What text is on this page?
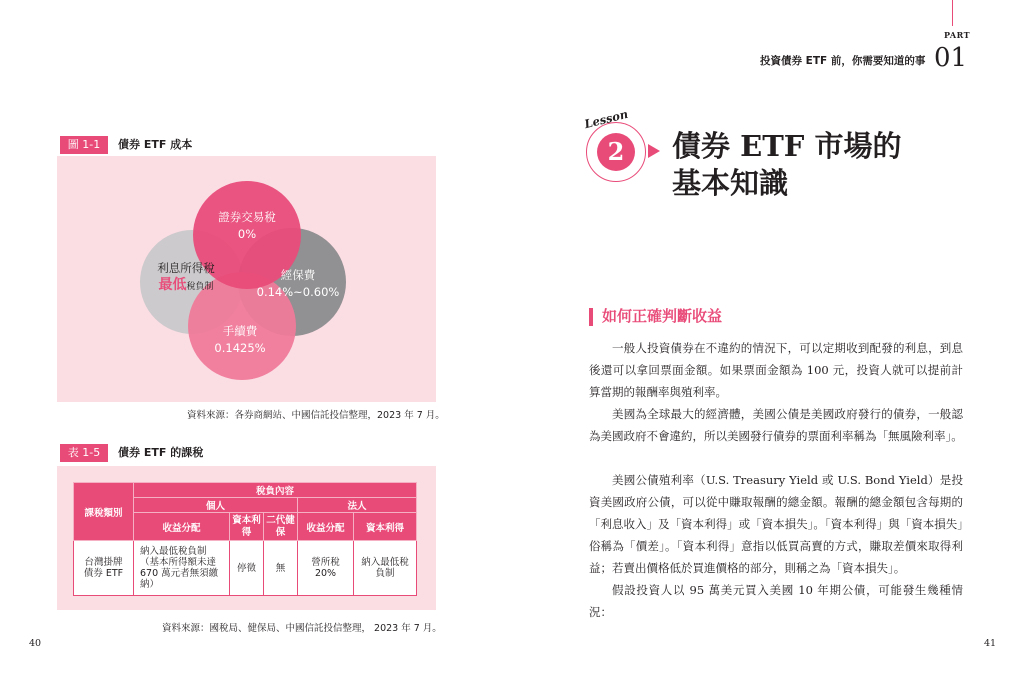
圖 1-1	債券 ETF 成本
證券交易稅
0%
利息所得稅
最低稅負制
經保費
0.14%~0.60%
手續費
0.1425%
資料來源：各券商網站、中國信託投信整理，2023 年 7 月。
表 1-5	債券 ETF 的課稅
課稅類別	稅負內容				
	個人			法人	
	收益分配	資本利得	二代健保	收益分配	資本利得
台灣掛牌債券 ETF	納入最低稅負制（基本所得額未達 670 萬元者無須繳納）	停徵	無	營所稅 20%	納入最低稅負制
資料來源：國稅局、健保局、中國信託投信整理， 2023 年 7 月。
40
PART
投資債券 ETF 前，你需要知道的事 01
2
Lesson
債券 ETF 市場的
基本知識
如何正確判斷收益
一般人投資債券在不違約的情況下，可以定期收到配發的利息，到息後還可以拿回票面金額。如果票面金額為 100 元，投資人就可以提前計算當期的報酬率與殖利率。
美國為全球最大的經濟體，美國公債是美國政府發行的債券，一般認為美國政府不會違約，所以美國發行債券的票面利率稱為「無風險利率」。
美國公債殖利率（U.S. Treasury Yield 或 U.S. Bond Yield）是投資美國政府公債，可以從中賺取報酬的總金額。報酬的總金額包含每期的「利息收入」及「資本利得」或「資本損失」。「資本利得」與「資本損失」俗稱為「價差」。「資本利得」意指以低買高賣的方式，賺取差價來取得利益；若賣出價格低於買進價格的部分，則稱之為「資本損失」。
假設投資人以 95 萬美元買入美國 10 年期公債，可能發生幾種情況：
41
